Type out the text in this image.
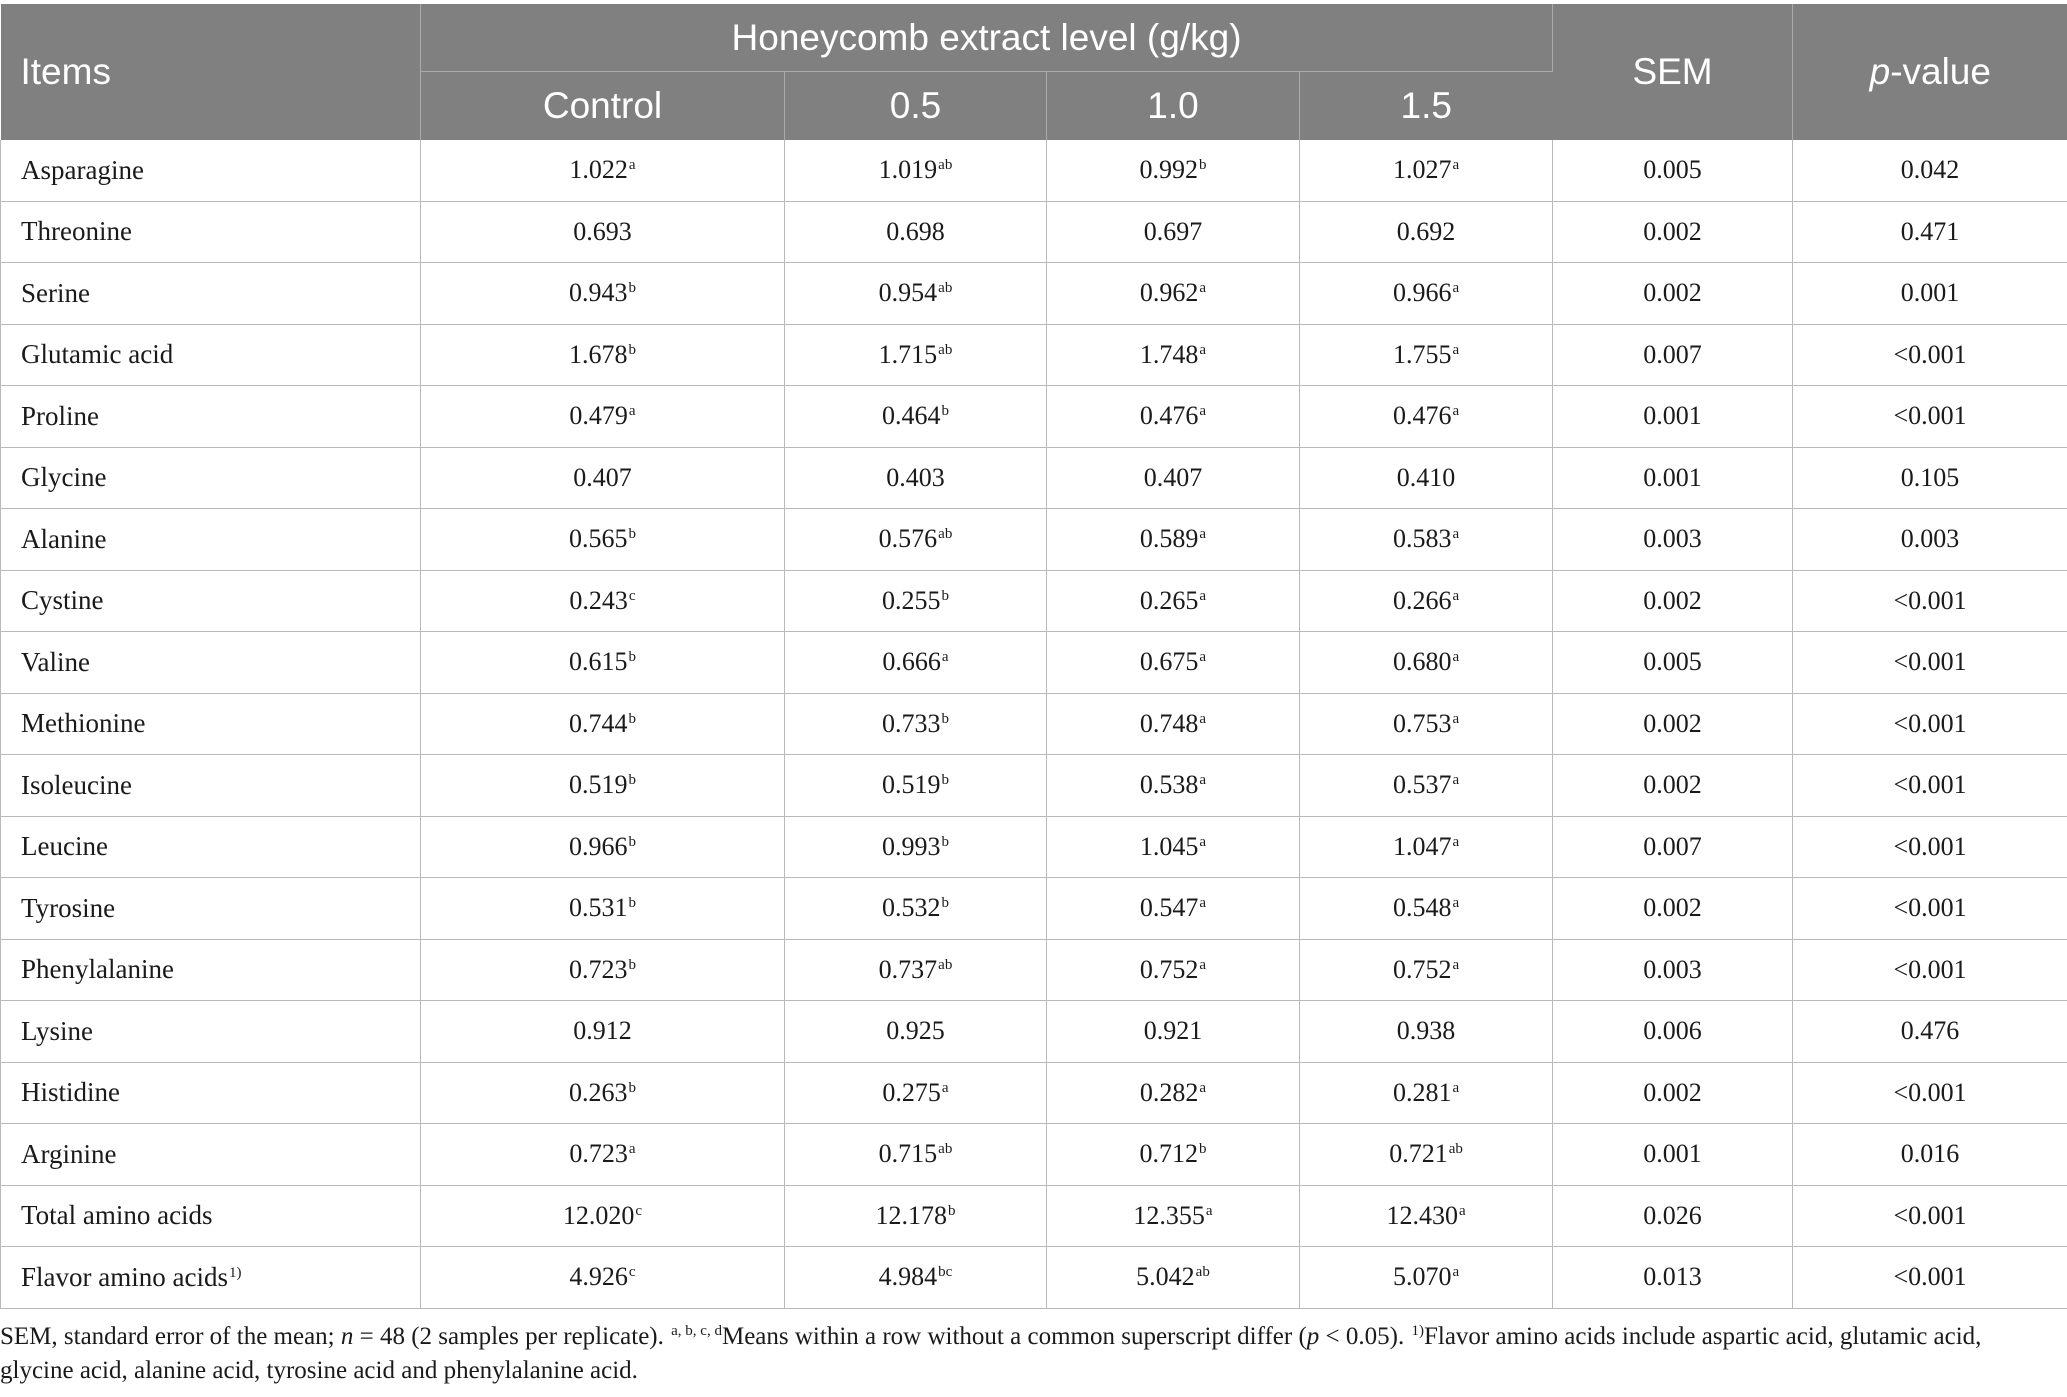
Items	Honeycomb extract level (g/kg)				SEM	p-value
	Control	0.5	1.0	1.5		
Asparagine	1.022$^a$	1.019$^{ab}$	0.992$^b$	1.027$^a$	0.005	0.042
Threonine	0.693	0.698	0.697	0.692	0.002	0.471
Serine	0.943$^b$	0.954$^{ab}$	0.962$^a$	0.966$^a$	0.002	0.001
Glutamic acid	1.678$^b$	1.715$^{ab}$	1.748$^a$	1.755$^a$	0.007	<0.001
Proline	0.479$^a$	0.464$^b$	0.476$^a$	0.476$^a$	0.001	<0.001
Glycine	0.407	0.403	0.407	0.410	0.001	0.105
Alanine	0.565$^b$	0.576$^{ab}$	0.589$^a$	0.583$^a$	0.003	0.003
Cystine	0.243$^c$	0.255$^b$	0.265$^a$	0.266$^a$	0.002	<0.001
Valine	0.615$^b$	0.666$^a$	0.675$^a$	0.680$^a$	0.005	<0.001
Methionine	0.744$^b$	0.733$^b$	0.748$^a$	0.753$^a$	0.002	<0.001
Isoleucine	0.519$^b$	0.519$^b$	0.538$^a$	0.537$^a$	0.002	<0.001
Leucine	0.966$^b$	0.993$^b$	1.045$^a$	1.047$^a$	0.007	<0.001
Tyrosine	0.531$^b$	0.532$^b$	0.547$^a$	0.548$^a$	0.002	<0.001
Phenylalanine	0.723$^b$	0.737$^{ab}$	0.752$^a$	0.752$^a$	0.003	<0.001
Lysine	0.912	0.925	0.921	0.938	0.006	0.476
Histidine	0.263$^b$	0.275$^a$	0.282$^a$	0.281$^a$	0.002	<0.001
Arginine	0.723$^a$	0.715$^{ab}$	0.712$^b$	0.721$^{ab}$	0.001	0.016
Total amino acids	12.020$^c$	12.178$^b$	12.355$^a$	12.430$^a$	0.026	<0.001
Flavor amino acids$^{1)}$	4.926$^c$	4.984$^{bc}$	5.042$^{ab}$	5.070$^a$	0.013	<0.001
SEM, standard error of the mean; n = 48 (2 samples per replicate). $^{a, b, c, d}$Means within a row without a common superscript differ (p < 0.05). $^{1)}$Flavor amino acids include aspartic acid, glutamic acid, glycine acid, alanine acid, tyrosine acid and phenylalanine acid.
